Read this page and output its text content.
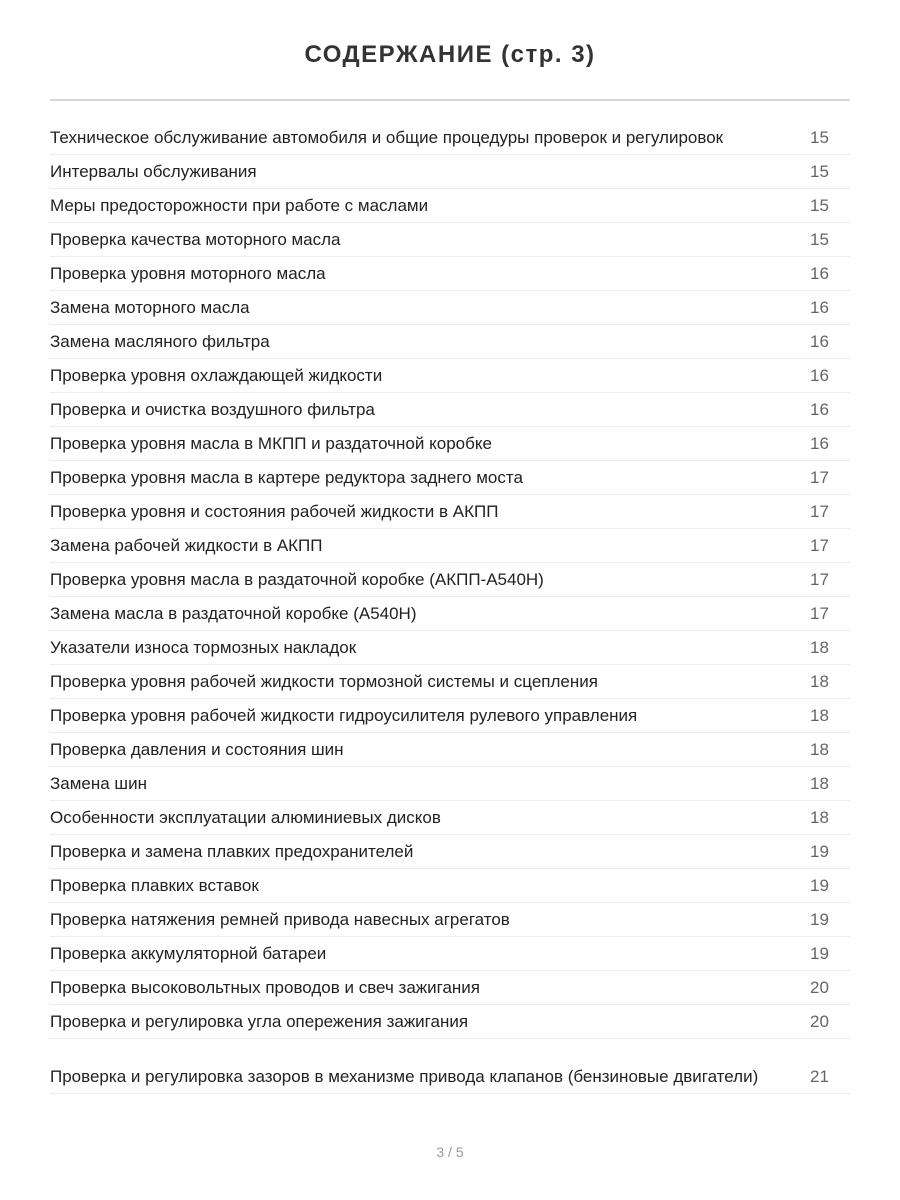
СОДЕРЖАНИЕ (стр. 3)
Техническое обслуживание автомобиля и общие процедуры проверок и регулировок	15
Интервалы обслуживания	15
Меры предосторожности при работе с маслами	15
Проверка качества моторного масла	15
Проверка уровня моторного масла	16
Замена моторного масла	16
Замена масляного фильтра	16
Проверка уровня охлаждающей жидкости	16
Проверка и очистка воздушного фильтра	16
Проверка уровня масла в МКПП и раздаточной коробке	16
Проверка уровня масла в картере редуктора заднего моста	17
Проверка уровня и состояния рабочей жидкости в АКПП	17
Замена рабочей жидкости в АКПП	17
Проверка уровня масла в раздаточной коробке (АКПП-А540Н)	17
Замена масла в раздаточной коробке (А540Н)	17
Указатели износа тормозных накладок	18
Проверка уровня рабочей жидкости тормозной системы и сцепления	18
Проверка уровня рабочей жидкости гидроусилителя рулевого управления	18
Проверка давления и состояния шин	18
Замена шин	18
Особенности эксплуатации алюминиевых дисков	18
Проверка и замена плавких предохранителей	19
Проверка плавких вставок	19
Проверка натяжения ремней привода навесных агрегатов	19
Проверка аккумуляторной батареи	19
Проверка высоковольтных проводов и свеч зажигания	20
Проверка и регулировка угла опережения зажигания	20
Проверка и регулировка зазоров в механизме привода клапанов (бензиновые двигатели)	21
3 / 5
